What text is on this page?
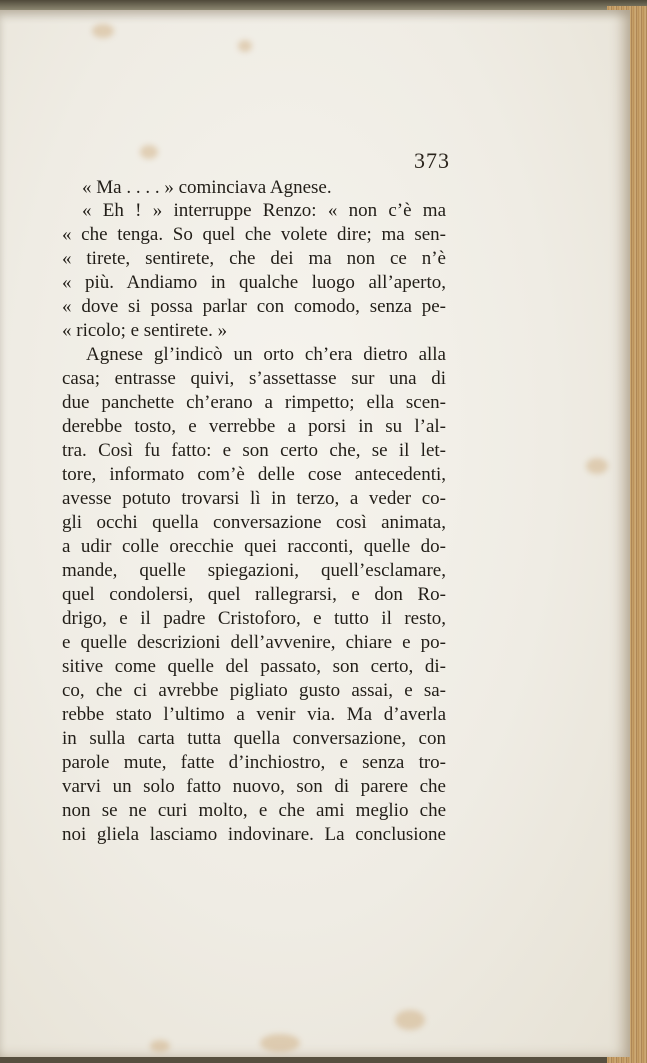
373
« Ma . . . . » cominciava Agnese.
« Eh ! » interruppe Renzo: « non c’è ma
« che tenga. So quel che volete dire; ma sen-
« tirete, sentirete, che dei ma non ce n’è
« più. Andiamo in qualche luogo all’aperto,
« dove si possa parlar con comodo, senza pe-
« ricolo; e sentirete. »
Agnese gl’indicò un orto ch’era dietro alla
casa; entrasse quivi, s’assettasse sur una di
due panchette ch’erano a rimpetto; ella scen-
derebbe tosto, e verrebbe a porsi in su l’al-
tra. Così fu fatto: e son certo che, se il let-
tore, informato com’è delle cose antecedenti,
avesse potuto trovarsi lì in terzo, a veder co-
gli occhi quella conversazione così animata,
a udir colle orecchie quei racconti, quelle do-
mande, quelle spiegazioni, quell’esclamare,
quel condolersi, quel rallegrarsi, e don Ro-
drigo, e il padre Cristoforo, e tutto il resto,
e quelle descrizioni dell’avvenire, chiare e po-
sitive come quelle del passato, son certo, di-
co, che ci avrebbe pigliato gusto assai, e sa-
rebbe stato l’ultimo a venir via. Ma d’averla
in sulla carta tutta quella conversazione, con
parole mute, fatte d’inchiostro, e senza tro-
varvi un solo fatto nuovo, son di parere che
non se ne curi molto, e che ami meglio che
noi gliela lasciamo indovinare. La conclusione
